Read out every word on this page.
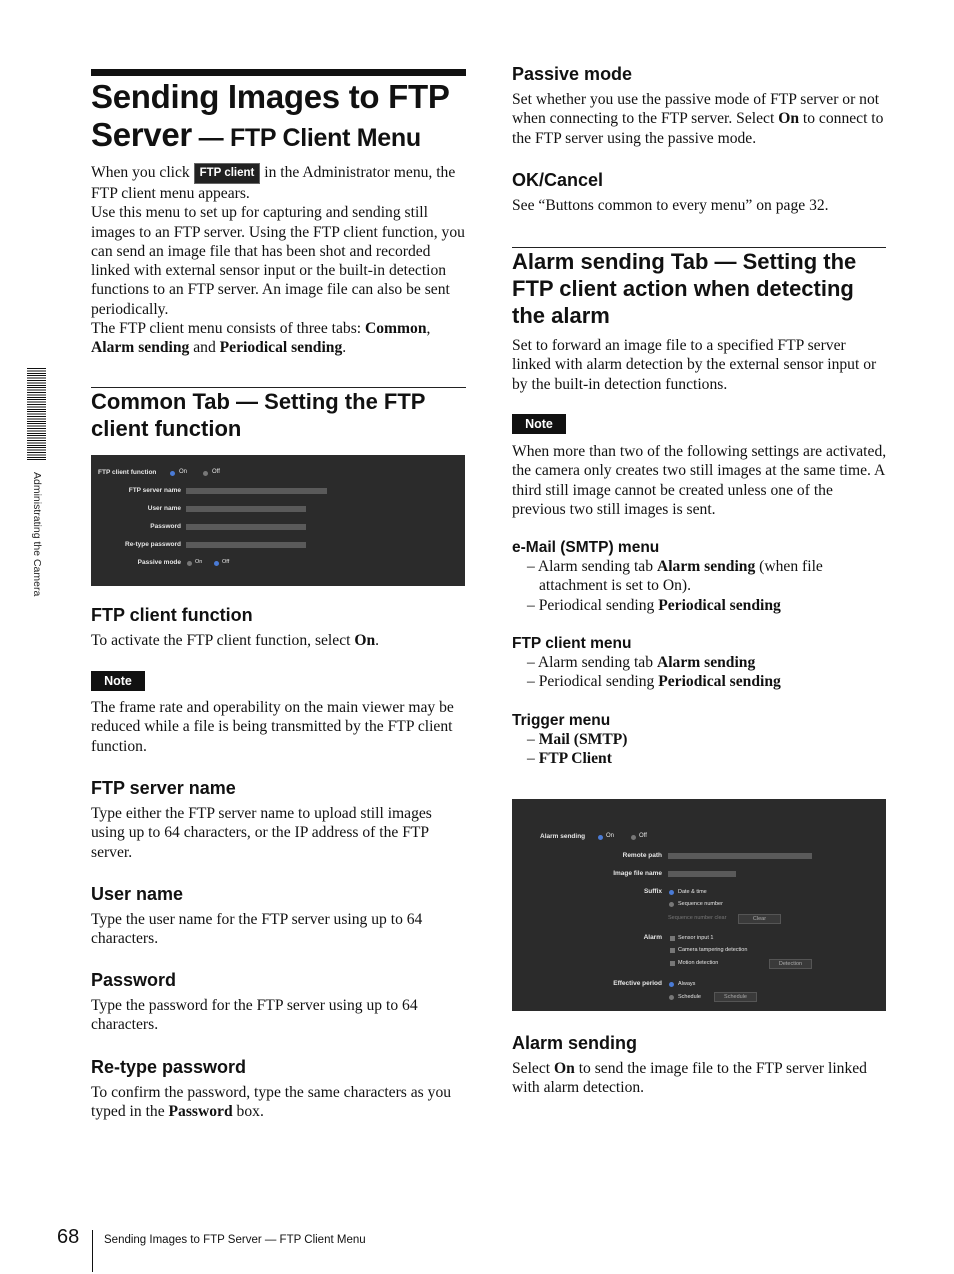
Administrating the Camera
Sending Images to FTP
Server — FTP Client Menu
When you click FTP client in the Administrator menu, the FTP client menu appears.
Use this menu to set up for capturing and sending still images to an FTP server. Using the FTP client function, you can send an image file that has been shot and recorded linked with external sensor input or the built-in detection functions to an FTP server. An image file can also be sent periodically.
The FTP client menu consists of three tabs: Common, Alarm sending and Periodical sending.
Common Tab — Setting the FTP client function
FTP client function	On	Off
FTP server name
User name
Password
Re-type password
Passive mode	On	Off
FTP client function
To activate the FTP client function, select On.
Note
The frame rate and operability on the main viewer may be reduced while a file is being transmitted by the FTP client function.
FTP server name
Type either the FTP server name to upload still images using up to 64 characters, or the IP address of the FTP server.
User name
Type the user name for the FTP server using up to 64 characters.
Password
Type the password for the FTP server using up to 64 characters.
Re-type password
To confirm the password, type the same characters as you typed in the Password box.
Passive mode
Set whether you use the passive mode of FTP server or not when connecting to the FTP server. Select On to connect to the FTP server using the passive mode.
OK/Cancel
See “Buttons common to every menu” on page 32.
Alarm sending Tab — Setting the FTP client action when detecting the alarm
Set to forward an image file to a specified FTP server linked with alarm detection by the external sensor input or by the built-in detection functions.
Note
When more than two of the following settings are activated, the camera only creates two still images at the same time. A third still image cannot be created unless one of the previous two still images is sent.
e-Mail (SMTP) menu
– Alarm sending tab Alarm sending (when file attachment is set to On).
– Periodical sending Periodical sending
FTP client menu
– Alarm sending tab Alarm sending
– Periodical sending Periodical sending
Trigger menu
– Mail (SMTP)
– FTP Client
Alarm sending	On	Off
Remote path
Image file name
Suffix	Date & time
Sequence number
Sequence number clear	Clear
Alarm	Sensor input 1
Camera tampering detection
Motion detection	Detection
Effective period	Always
Schedule	Schedule
Alarm sending
Select On to send the image file to the FTP server linked with alarm detection.
68 Sending Images to FTP Server — FTP Client Menu
